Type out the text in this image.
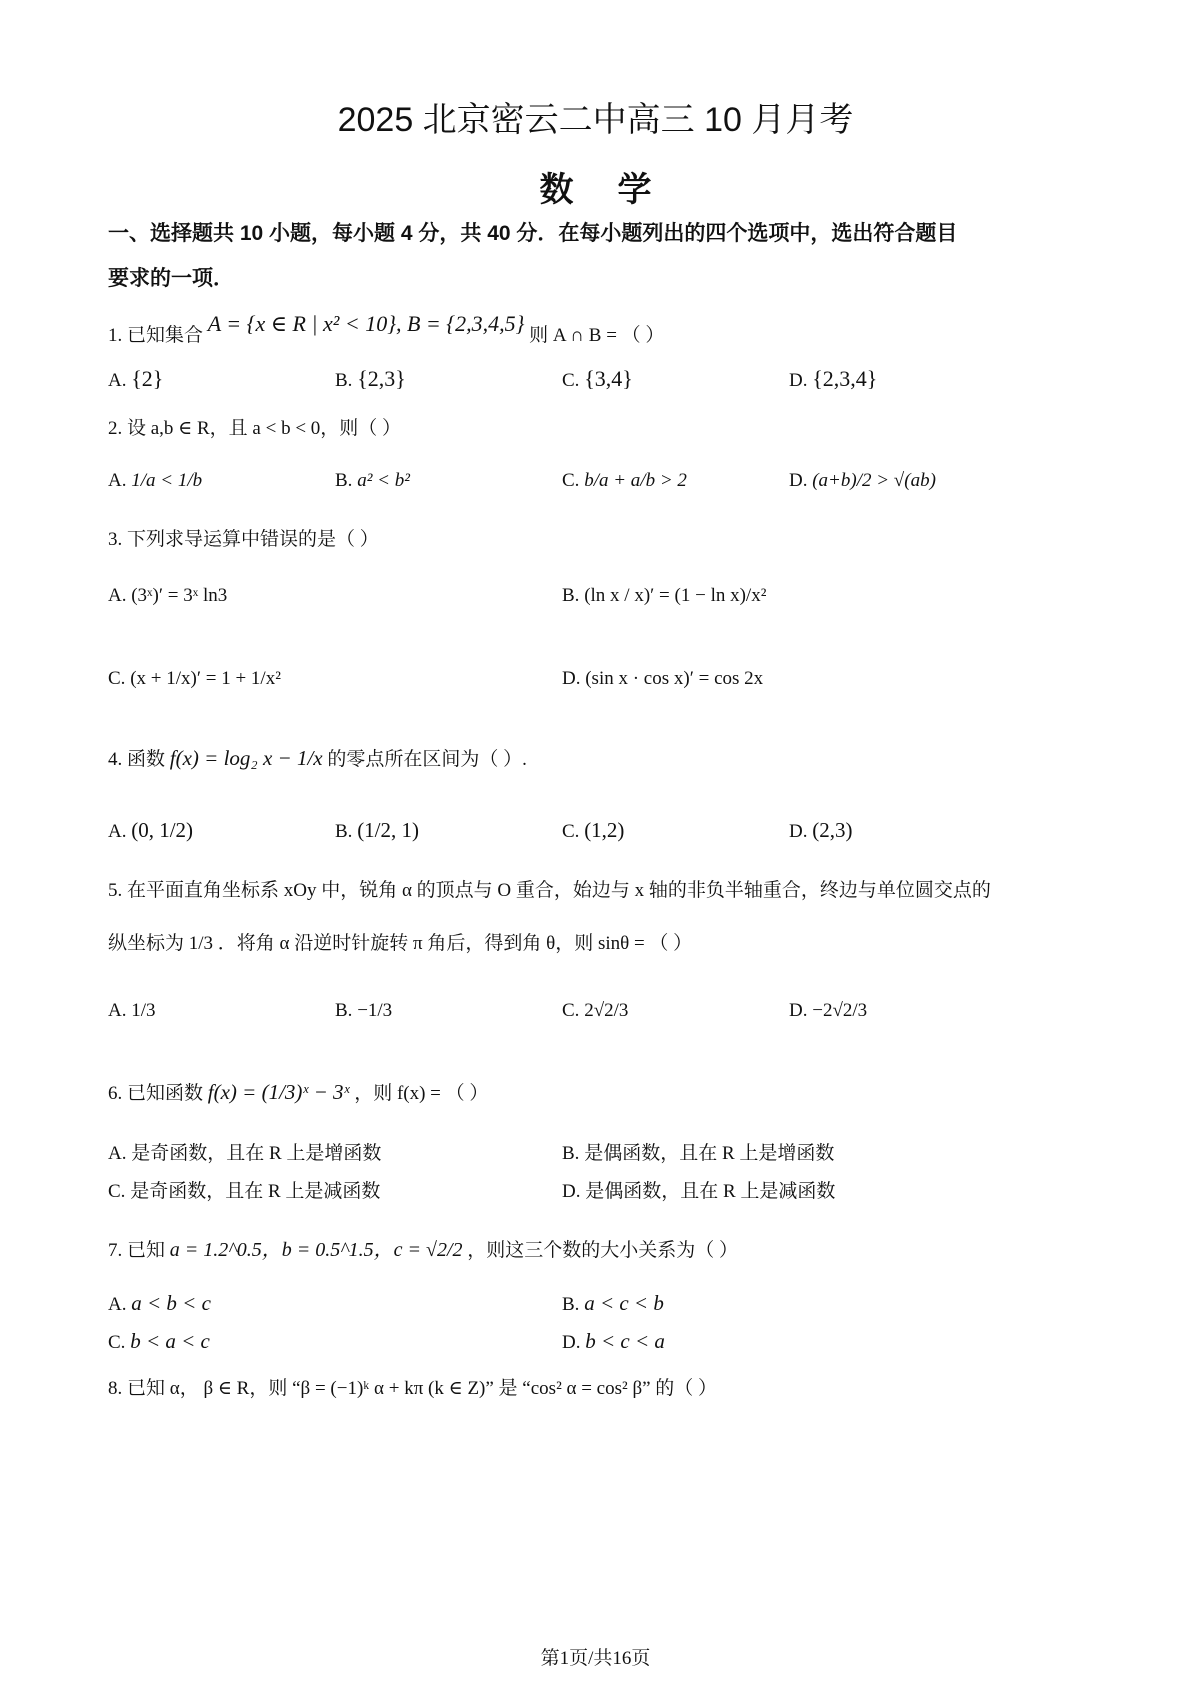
2025 北京密云二中高三 10 月月考
数学
一、选择题共 10 小题，每小题 4 分，共 40 分．在每小题列出的四个选项中，选出符合题目
要求的一项．
1. 已知集合 A = {x ∈ R | x² < 10}, B = {2,3,4,5} 则 A ∩ B = （ ）
A. {2}	B. {2,3}	C. {3,4}	D. {2,3,4}
2. 设 a,b ∈ R，且 a < b < 0，则（ ）
A. 1/a < 1/b	B. a² < b²	C. b/a + a/b > 2	D. (a+b)/2 > √(ab)
3. 下列求导运算中错误的是（ ）
A. (3ˣ)′ = 3ˣ ln3	B. (ln x / x)′ = (1 − ln x)/x²
C. (x + 1/x)′ = 1 + 1/x²	D. (sin x · cos x)′ = cos 2x
4. 函数 f(x) = log₂ x − 1/x 的零点所在区间为（ ）.
A. (0, 1/2)	B. (1/2, 1)	C. (1,2)	D. (2,3)
5. 在平面直角坐标系 xOy 中，锐角 α 的顶点与 O 重合，始边与 x 轴的非负半轴重合，终边与单位圆交点的
纵坐标为 1/3 ．将角 α 沿逆时针旋转 π 角后，得到角 θ，则 sinθ = （ ）
A. 1/3	B. −1/3	C. 2√2/3	D. −2√2/3
6. 已知函数 f(x) = (1/3)ˣ − 3ˣ ，则 f(x) = （ ）
A. 是奇函数，且在 R 上是增函数	B. 是偶函数，且在 R 上是增函数
C. 是奇函数，且在 R 上是减函数	D. 是偶函数，且在 R 上是减函数
7. 已知 a = 1.2^0.5，b = 0.5^1.5，c = √2/2 ，则这三个数的大小关系为（ ）
A. a < b < c	B. a < c < b
C. b < a < c	D. b < c < a
8. 已知 α， β ∈ R，则 “β = (−1)ᵏ α + kπ (k ∈ Z)” 是 “cos² α = cos² β” 的（ ）
第1页/共16页
